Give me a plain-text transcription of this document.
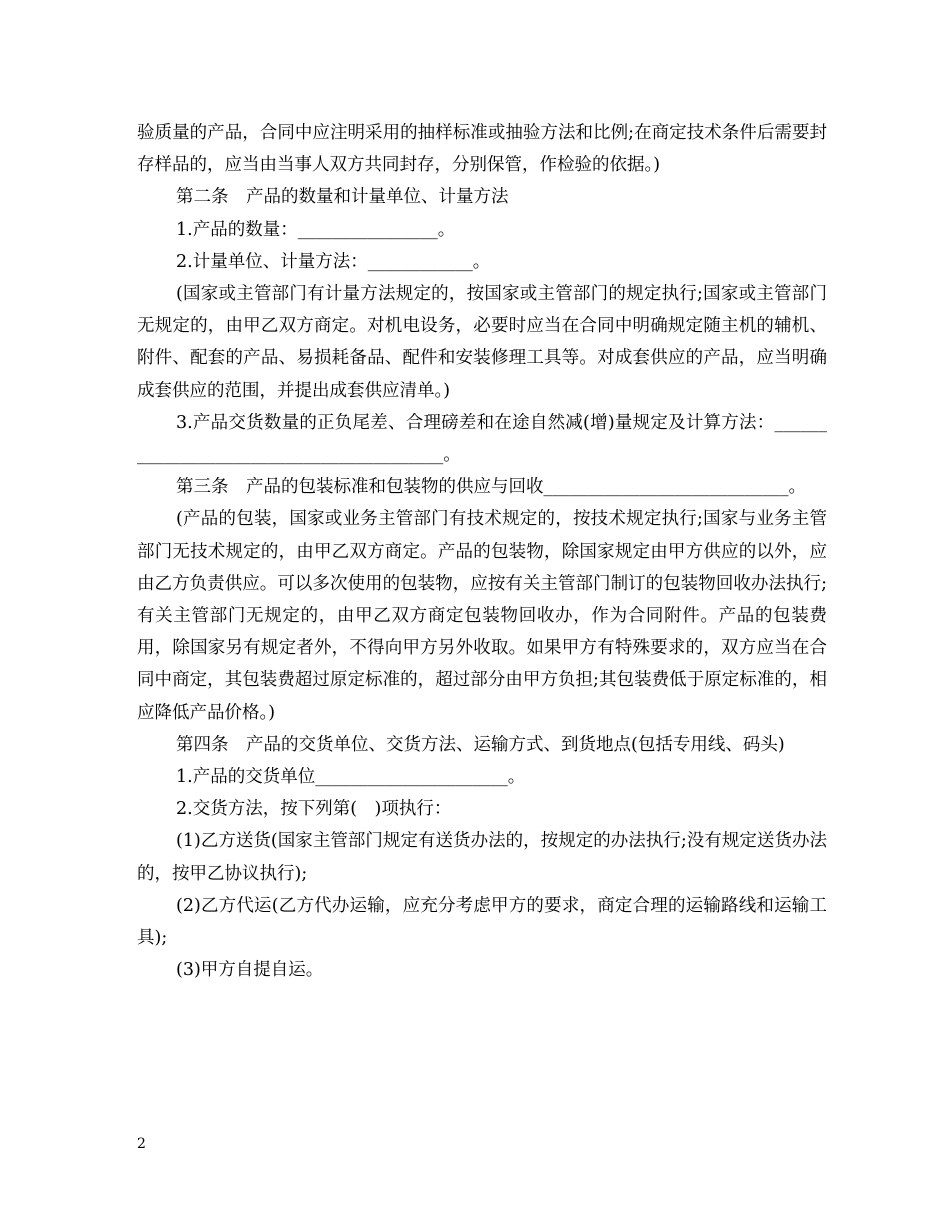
验质量的产品，合同中应注明采用的抽样标准或抽验方法和比例;在商定技术条件后需要封存样品的，应当由当事人双方共同封存，分别保管，作检验的依据。)

第二条　产品的数量和计量单位、计量方法

1.产品的数量：________________。

2.计量单位、计量方法：____________。

(国家或主管部门有计量方法规定的，按国家或主管部门的规定执行;国家或主管部门无规定的，由甲乙双方商定。对机电设务，必要时应当在合同中明确规定随主机的辅机、附件、配套的产品、易损耗备品、配件和安装修理工具等。对成套供应的产品，应当明确成套供应的范围，并提出成套供应清单。)

3.产品交货数量的正负尾差、合理磅差和在途自然减(增)量规定及计算方法：_________________________________________。

第三条　产品的包装标准和包装物的供应与回收____________________________。

(产品的包装，国家或业务主管部门有技术规定的，按技术规定执行;国家与业务主管部门无技术规定的，由甲乙双方商定。产品的包装物，除国家规定由甲方供应的以外，应由乙方负责供应。可以多次使用的包装物，应按有关主管部门制订的包装物回收办法执行;有关主管部门无规定的，由甲乙双方商定包装物回收办，作为合同附件。产品的包装费用，除国家另有规定者外，不得向甲方另外收取。如果甲方有特殊要求的，双方应当在合同中商定，其包装费超过原定标准的，超过部分由甲方负担;其包装费低于原定标准的，相应降低产品价格。)

第四条　产品的交货单位、交货方法、运输方式、到货地点(包括专用线、码头)

1.产品的交货单位______________________。

2.交货方法，按下列第(　)项执行：

(1)乙方送货(国家主管部门规定有送货办法的，按规定的办法执行;没有规定送货办法的，按甲乙协议执行);

(2)乙方代运(乙方代办运输，应充分考虑甲方的要求，商定合理的运输路线和运输工具);

(3)甲方自提自运。

2
